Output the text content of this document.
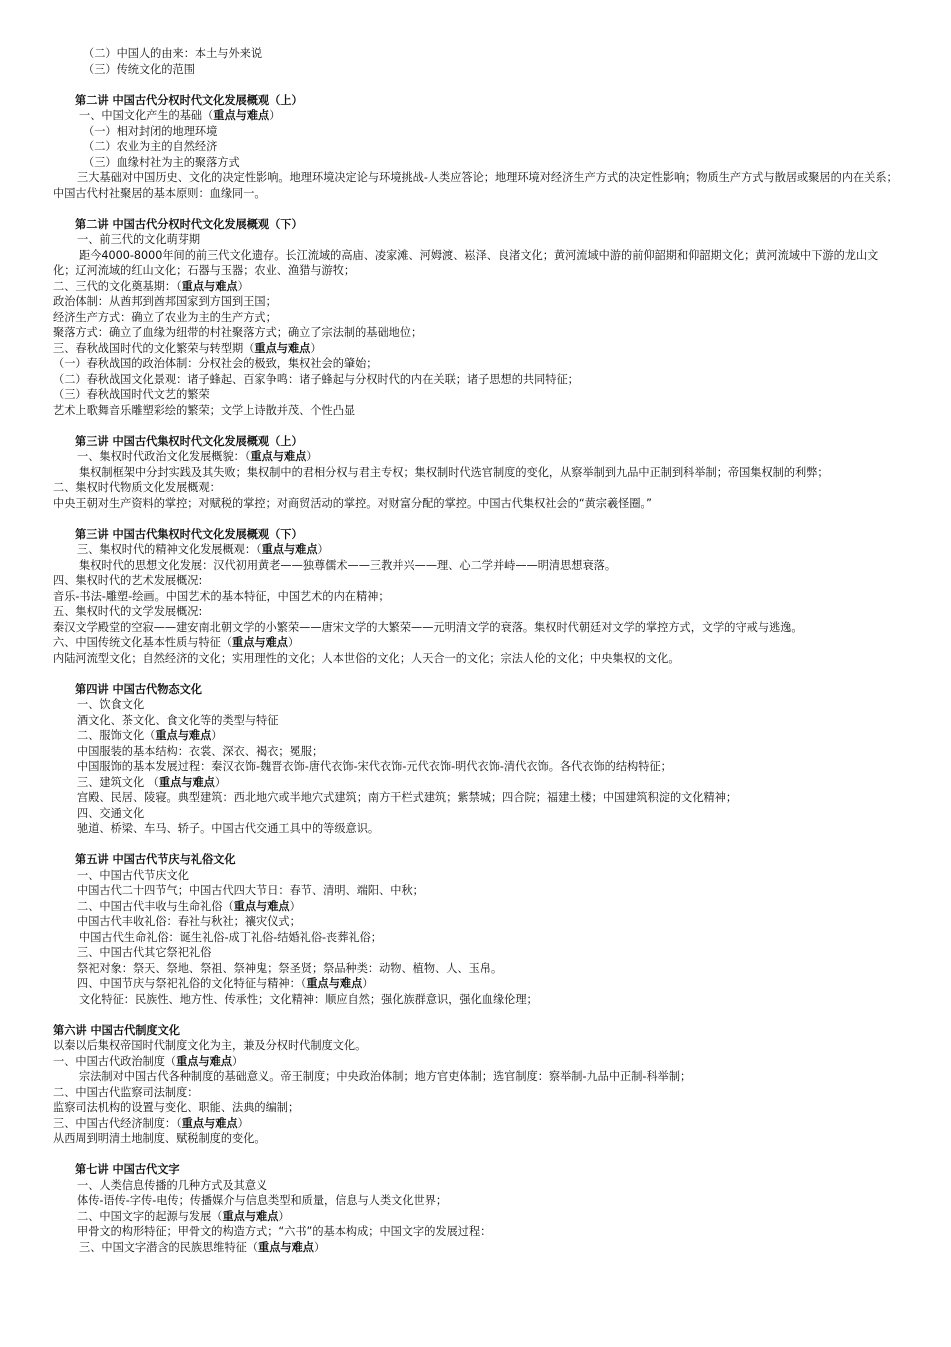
（二）中国人的由来：本土与外来说
（三）传统文化的范围
第二讲 中国古代分权时代文化发展概观（上）
一、中国文化产生的基础（重点与难点）
（一）相对封闭的地理环境
（二）农业为主的自然经济
（三）血缘村社为主的聚落方式
三大基础对中国历史、文化的决定性影响。地理环境决定论与环境挑战-人类应答论；地理环境对经济生产方式的决定性影响；物质生产方式与散居或聚居的内在关系；中国古代村社聚居的基本原则：血缘同一。
第二讲 中国古代分权时代文化发展概观（下）
一、前三代的文化萌芽期
距今4000-8000年间的前三代文化遗存。长江流域的高庙、凌家滩、河姆渡、崧泽、良渚文化；黄河流域中游的前仰韶期和仰韶期文化；黄河流域中下游的龙山文化；辽河流域的红山文化；石器与玉器；农业、渔猎与游牧；
二、三代的文化奠基期：（重点与难点）
政治体制：从酋邦到酋邦国家到方国到王国；
经济生产方式：确立了农业为主的生产方式；
聚落方式：确立了血缘为纽带的村社聚落方式；确立了宗法制的基础地位；
三、春秋战国时代的文化繁荣与转型期（重点与难点）
（一）春秋战国的政治体制：分权社会的极致，集权社会的肇始；
（二）春秋战国文化景观：诸子蜂起、百家争鸣：诸子蜂起与分权时代的内在关联；诸子思想的共同特征；
（三）春秋战国时代文艺的繁荣
艺术上歌舞音乐雕塑彩绘的繁荣；文学上诗散并茂、个性凸显
第三讲 中国古代集权时代文化发展概观（上）
一、集权时代政治文化发展概貌：（重点与难点）
集权制框架中分封实践及其失败；集权制中的君相分权与君主专权；集权制时代选官制度的变化，从察举制到九品中正制到科举制；帝国集权制的利弊；
二、集权时代物质文化发展概观：
中央王朝对生产资料的掌控；对赋税的掌控；对商贸活动的掌控。对财富分配的掌控。中国古代集权社会的“黄宗羲怪圈。”
第三讲 中国古代集权时代文化发展概观（下）
三、集权时代的精神文化发展概观：（重点与难点）
集权时代的思想文化发展：汉代初用黄老——独尊儒术——三教并兴——理、心二学并峙——明清思想衰落。
四、集权时代的艺术发展概况:
音乐-书法-雕塑-绘画。中国艺术的基本特征，中国艺术的内在精神；
五、集权时代的文学发展概况:
秦汉文学殿堂的空寂——建安南北朝文学的小繁荣——唐宋文学的大繁荣——元明清文学的衰落。集权时代朝廷对文学的掌控方式，文学的守戒与逃逸。
六、中国传统文化基本性质与特征（重点与难点）
内陆河流型文化；自然经济的文化；实用理性的文化；人本世俗的文化；人天合一的文化；宗法人伦的文化；中央集权的文化。
第四讲 中国古代物态文化
一、饮食文化
酒文化、茶文化、食文化等的类型与特征
二、服饰文化（重点与难点）
中国服装的基本结构：衣裳、深衣、褐衣；冕服；
中国服饰的基本发展过程：秦汉衣饰-魏晋衣饰-唐代衣饰-宋代衣饰-元代衣饰-明代衣饰-清代衣饰。各代衣饰的结构特征；
三、建筑文化 （重点与难点）
宫殿、民居、陵寝。典型建筑：西北地穴或半地穴式建筑；南方干栏式建筑；紫禁城；四合院；福建土楼；中国建筑积淀的文化精神；
四、交通文化
驰道、桥梁、车马、轿子。中国古代交通工具中的等级意识。
第五讲 中国古代节庆与礼俗文化
一、中国古代节庆文化
中国古代二十四节气；中国古代四大节日：春节、清明、端阳、中秋；
二、中国古代丰收与生命礼俗（重点与难点）
中国古代丰收礼俗：春社与秋社；禳灾仪式；
中国古代生命礼俗：诞生礼俗-成丁礼俗-结婚礼俗-丧葬礼俗；
三、中国古代其它祭祀礼俗
祭祀对象：祭天、祭地、祭祖、祭神鬼；祭圣贤；祭品种类：动物、植物、人、玉帛。
四、中国节庆与祭祀礼俗的文化特征与精神：（重点与难点）
文化特征：民族性、地方性、传承性；文化精神：顺应自然；强化族群意识，强化血缘伦理；
第六讲 中国古代制度文化
以秦以后集权帝国时代制度文化为主，兼及分权时代制度文化。
一、中国古代政治制度（重点与难点）
宗法制对中国古代各种制度的基础意义。帝王制度；中央政治体制；地方官吏体制；选官制度：察举制-九品中正制-科举制；
二、中国古代监察司法制度：
监察司法机构的设置与变化、职能、法典的编制；
三、中国古代经济制度：（重点与难点）
从西周到明清土地制度、赋税制度的变化。
第七讲 中国古代文字
一、人类信息传播的几种方式及其意义
体传-语传-字传-电传；传播媒介与信息类型和质量，信息与人类文化世界；
二、中国文字的起源与发展（重点与难点）
甲骨文的构形特征；甲骨文的构造方式；“六书”的基本构成；中国文字的发展过程：
三、中国文字潜含的民族思维特征（重点与难点）
